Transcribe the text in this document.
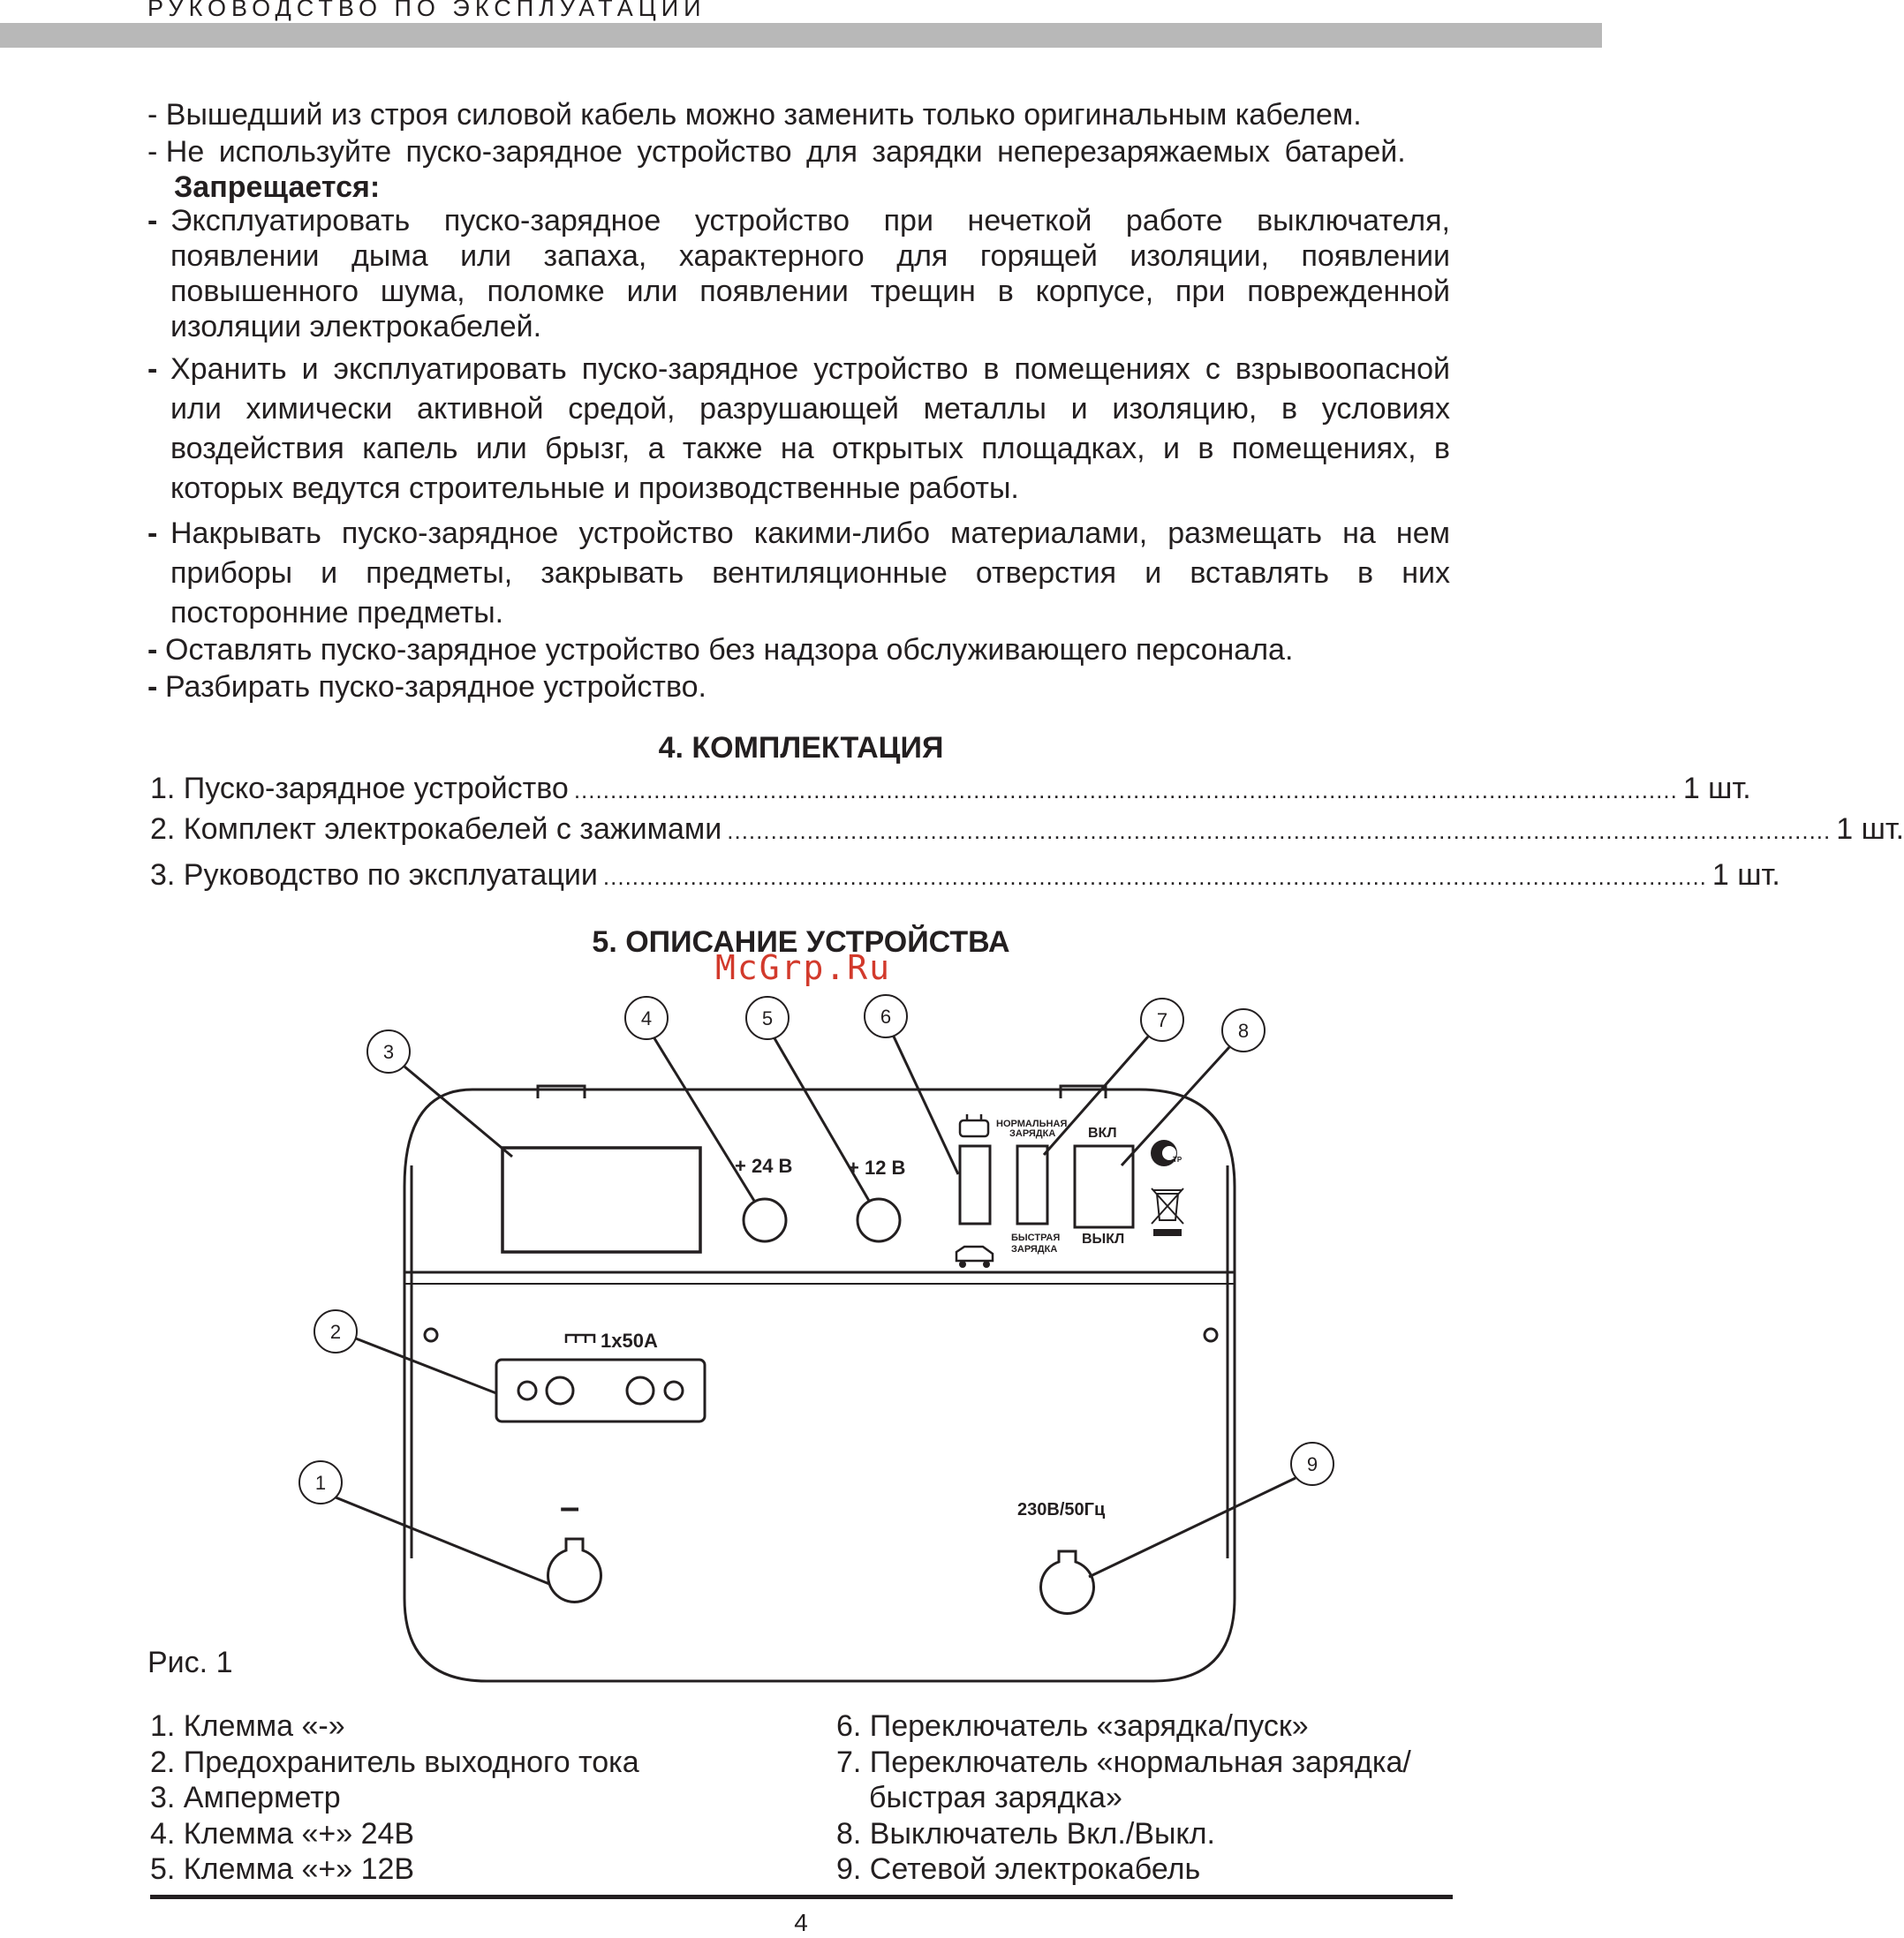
РУКОВОДСТВО ПО ЭКСПЛУАТАЦИИ
- Вышедший из строя силовой кабель можно заменить только оригинальным кабелем.
- Не используйте пуско-зарядное устройство для зарядки неперезаряжаемых батарей.
Запрещается:
- Эксплуатировать пуско-зарядное устройство при нечеткой работе выключателя,
появлении дыма или запаха, характерного для горящей изоляции, появлении
повышенного шума, поломке или появлении трещин в корпусе, при поврежденной
изоляции электрокабелей.
- Хранить и эксплуатировать пуско-зарядное устройство в помещениях с взрывоопасной
или химически активной средой, разрушающей металлы и изоляцию, в условиях
воздействия капель или брызг, а также на открытых площадках, и в помещениях, в
которых ведутся строительные и производственные работы.
- Накрывать пуско-зарядное устройство какими-либо материалами, размещать на нем
приборы и предметы, закрывать вентиляционные отверстия и вставлять в них
посторонние предметы.
- Оставлять пуско-зарядное устройство без надзора обслуживающего персонала.
- Разбирать пуско-зарядное устройство.
4. КОМПЛЕКТАЦИЯ
1. Пуско-зарядное устройство ........................................................................................................................................................ 1 шт.
2. Комплект электрокабелей с зажимами ........................................................................................................................................................ 1 шт.
3. Руководство по эксплуатации ........................................................................................................................................................ 1 шт.
5. ОПИСАНИЕ УСТРОЙСТВА
McGrp.Ru
+ 24 В	+ 12 В
НОРМАЛЬНАЯ
ЗАРЯДКА
БЫСТРАЯ
ЗАРЯДКА
ВКЛ
ВЫКЛ
С ТР
1x50A
–	230В/50Гц
1
2
3
4	5	6	7	8
9
Рис. 1
1. Клемма «-»
2. Предохранитель выходного тока
3. Амперметр
4. Клемма «+» 24В
5. Клемма «+» 12В
6. Переключатель «зарядка/пуск»
7. Переключатель «нормальная зарядка/
быстрая зарядка»
8. Выключатель Вкл./Выкл.
9. Сетевой электрокабель
4
